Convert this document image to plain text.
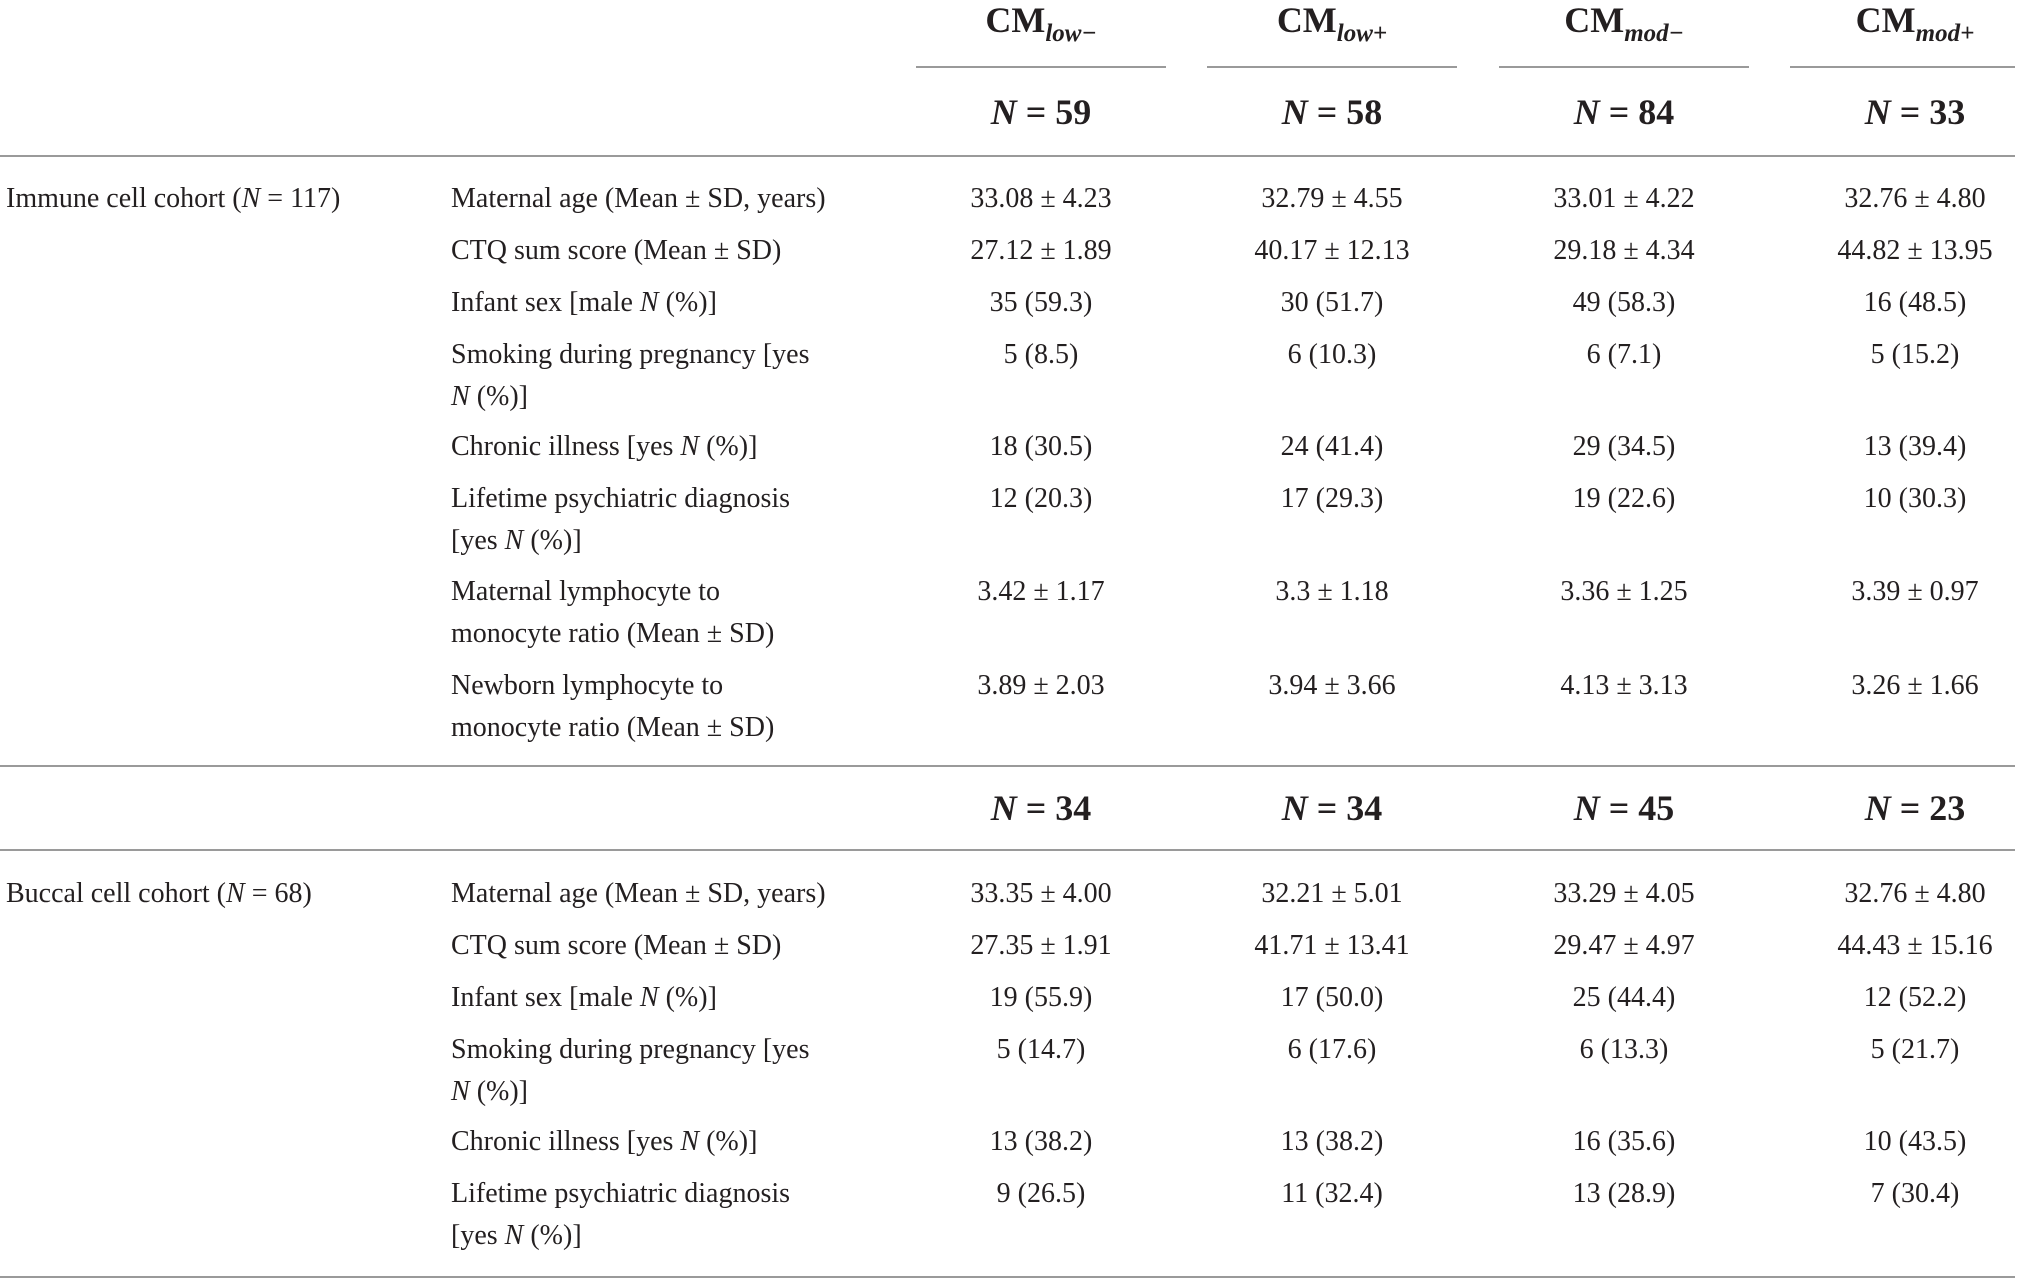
$CM_{low-}$	$CM_{low+}$	$CM_{mod-}$	$CM_{mod+}$
N = 59	N = 58	N = 84	N = 33
Immune cell cohort (N = 117)	Maternal age (Mean ± SD, years)	33.08 ± 4.23	32.79 ± 4.55	33.01 ± 4.22	32.76 ± 4.80
CTQ sum score (Mean ± SD)	27.12 ± 1.89	40.17 ± 12.13	29.18 ± 4.34	44.82 ± 13.95
Infant sex [male N (%)]	35 (59.3)	30 (51.7)	49 (58.3)	16 (48.5)
Smoking during pregnancy [yes
N (%)]
5 (8.5)	6 (10.3)	6 (7.1)	5 (15.2)
Chronic illness [yes N (%)]	18 (30.5)	24 (41.4)	29 (34.5)	13 (39.4)
Lifetime psychiatric diagnosis
[yes N (%)]
12 (20.3)	17 (29.3)	19 (22.6)	10 (30.3)
Maternal lymphocyte to
monocyte ratio (Mean ± SD)
3.42 ± 1.17	3.3 ± 1.18	3.36 ± 1.25	3.39 ± 0.97
Newborn lymphocyte to
monocyte ratio (Mean ± SD)
3.89 ± 2.03	3.94 ± 3.66	4.13 ± 3.13	3.26 ± 1.66
N = 34	N = 34	N = 45	N = 23
Buccal cell cohort (N = 68)	Maternal age (Mean ± SD, years)	33.35 ± 4.00	32.21 ± 5.01	33.29 ± 4.05	32.76 ± 4.80
CTQ sum score (Mean ± SD)	27.35 ± 1.91	41.71 ± 13.41	29.47 ± 4.97	44.43 ± 15.16
Infant sex [male N (%)]	19 (55.9)	17 (50.0)	25 (44.4)	12 (52.2)
Smoking during pregnancy [yes
N (%)]
5 (14.7)	6 (17.6)	6 (13.3)	5 (21.7)
Chronic illness [yes N (%)]	13 (38.2)	13 (38.2)	16 (35.6)	10 (43.5)
Lifetime psychiatric diagnosis
[yes N (%)]
9 (26.5)	11 (32.4)	13 (28.9)	7 (30.4)
